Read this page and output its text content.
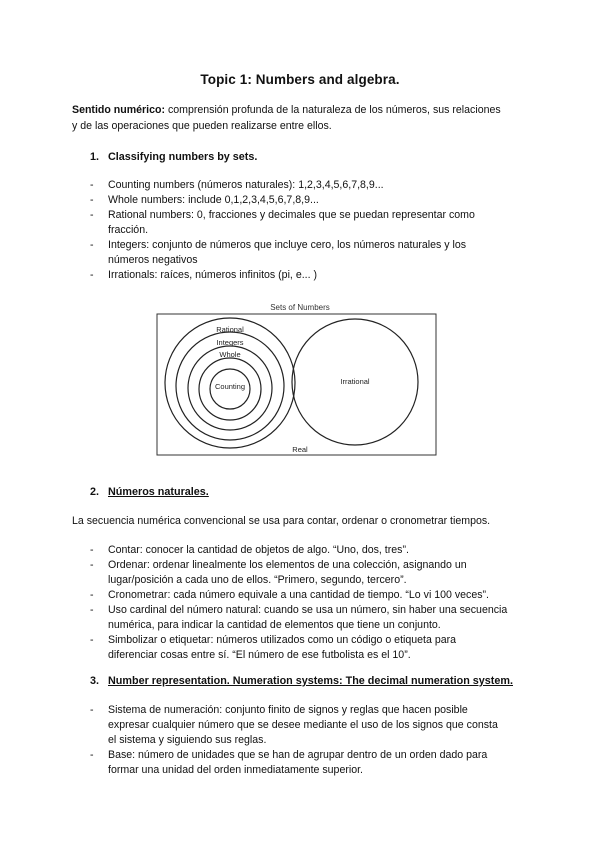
Topic 1: Numbers and algebra.
Sentido numérico: comprensión profunda de la naturaleza de los números, sus relaciones
y de las operaciones que pueden realizarse entre ellos.
1. Classifying numbers by sets.
- Counting numbers (números naturales): 1,2,3,4,5,6,7,8,9...
- Whole numbers: include 0,1,2,3,4,5,6,7,8,9...
- Rational numbers: 0, fracciones y decimales que se puedan representar como
fracción.
- Integers: conjunto de números que incluye cero, los números naturales y los
números negativos
- Irrationals: raíces, números infinitos (pi, e... )
Sets of Numbers
Rational
Integers
Whole
Counting
Irrational
Real
2. Números naturales.
La secuencia numérica convencional se usa para contar, ordenar o cronometrar tiempos.
- Contar: conocer la cantidad de objetos de algo. “Uno, dos, tres”.
- Ordenar: ordenar linealmente los elementos de una colección, asignando un
lugar/posición a cada uno de ellos. “Primero, segundo, tercero”.
- Cronometrar: cada número equivale a una cantidad de tiempo. “Lo vi 100 veces”.
- Uso cardinal del número natural: cuando se usa un número, sin haber una secuencia
numérica, para indicar la cantidad de elementos que tiene un conjunto.
- Simbolizar o etiquetar: números utilizados como un código o etiqueta para
diferenciar cosas entre sí. “El número de ese futbolista es el 10”.
3. Number representation. Numeration systems: The decimal numeration system.
- Sistema de numeración: conjunto finito de signos y reglas que hacen posible
expresar cualquier número que se desee mediante el uso de los signos que consta
el sistema y siguiendo sus reglas.
- Base: número de unidades que se han de agrupar dentro de un orden dado para
formar una unidad del orden inmediatamente superior.
